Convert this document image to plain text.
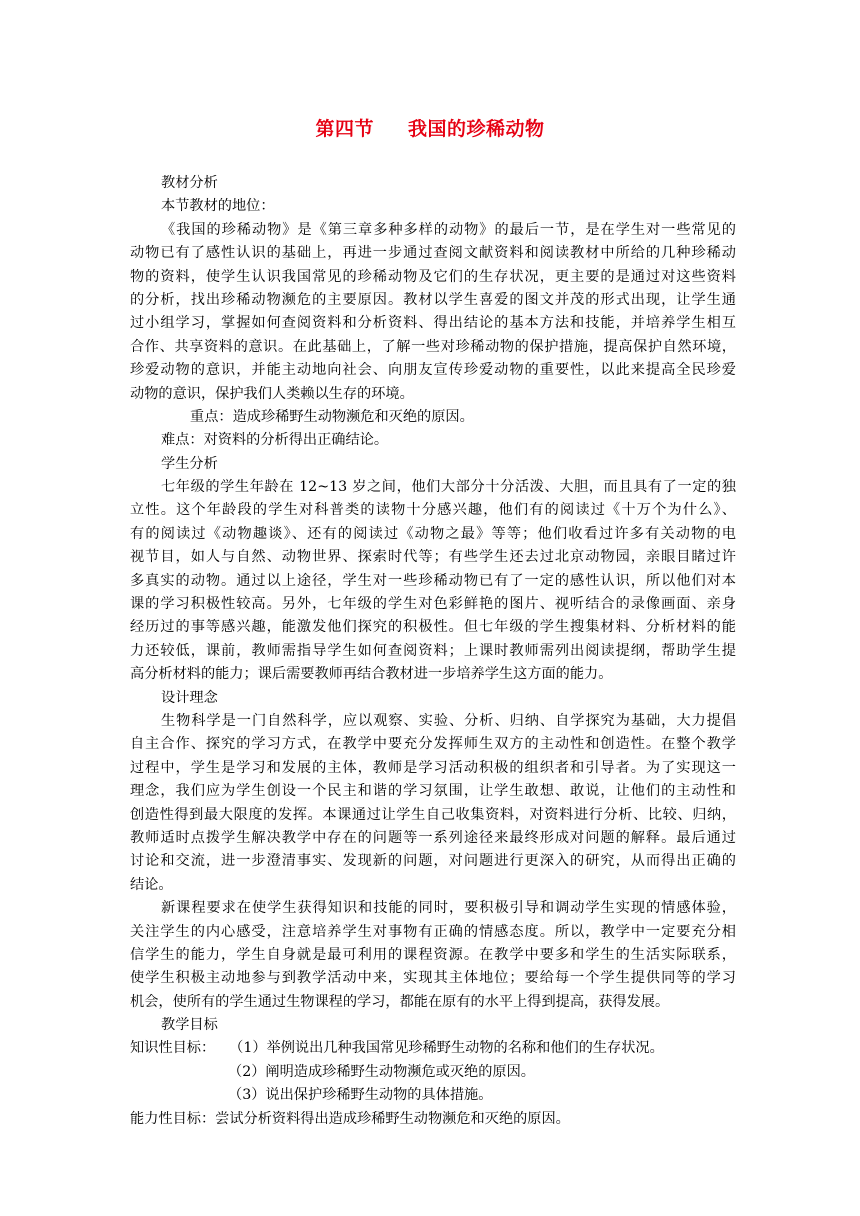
第四节 我国的珍稀动物
教材分析
本节教材的地位：
《我国的珍稀动物》是《第三章多种多样的动物》的最后一节，是在学生对一些常见的
动物已有了感性认识的基础上，再进一步通过查阅文献资料和阅读教材中所给的几种珍稀动
物的资料，使学生认识我国常见的珍稀动物及它们的生存状况，更主要的是通过对这些资料
的分析，找出珍稀动物濒危的主要原因。教材以学生喜爱的图文并茂的形式出现，让学生通
过小组学习，掌握如何查阅资料和分析资料、得出结论的基本方法和技能，并培养学生相互
合作、共享资料的意识。在此基础上，了解一些对珍稀动物的保护措施，提高保护自然环境，
珍爱动物的意识，并能主动地向社会、向朋友宣传珍爱动物的重要性，以此来提高全民珍爱
动物的意识，保护我们人类赖以生存的环境。
重点：造成珍稀野生动物濒危和灭绝的原因。
难点：对资料的分析得出正确结论。
学生分析
七年级的学生年龄在 12~13 岁之间，他们大部分十分活泼、大胆，而且具有了一定的独
立性。这个年龄段的学生对科普类的读物十分感兴趣，他们有的阅读过《十万个为什么》、
有的阅读过《动物趣谈》、还有的阅读过《动物之最》等等；他们收看过许多有关动物的电
视节目，如人与自然、动物世界、探索时代等；有些学生还去过北京动物园，亲眼目睹过许
多真实的动物。通过以上途径，学生对一些珍稀动物已有了一定的感性认识，所以他们对本
课的学习积极性较高。另外，七年级的学生对色彩鲜艳的图片、视听结合的录像画面、亲身
经历过的事等感兴趣，能激发他们探究的积极性。但七年级的学生搜集材料、分析材料的能
力还较低，课前，教师需指导学生如何查阅资料；上课时教师需列出阅读提纲，帮助学生提
高分析材料的能力；课后需要教师再结合教材进一步培养学生这方面的能力。
设计理念
生物科学是一门自然科学，应以观察、实验、分析、归纳、自学探究为基础，大力提倡
自主合作、探究的学习方式，在教学中要充分发挥师生双方的主动性和创造性。在整个教学
过程中，学生是学习和发展的主体，教师是学习活动积极的组织者和引导者。为了实现这一
理念，我们应为学生创设一个民主和谐的学习氛围，让学生敢想、敢说，让他们的主动性和
创造性得到最大限度的发挥。本课通过让学生自己收集资料，对资料进行分析、比较、归纳，
教师适时点拨学生解决教学中存在的问题等一系列途径来最终形成对问题的解释。最后通过
讨论和交流，进一步澄清事实、发现新的问题，对问题进行更深入的研究，从而得出正确的
结论。
新课程要求在使学生获得知识和技能的同时，要积极引导和调动学生实现的情感体验，
关注学生的内心感受，注意培养学生对事物有正确的情感态度。所以，教学中一定要充分相
信学生的能力，学生自身就是最可利用的课程资源。在教学中要多和学生的生活实际联系，
使学生积极主动地参与到教学活动中来，实现其主体地位；要给每一个学生提供同等的学习
机会，使所有的学生通过生物课程的学习，都能在原有的水平上得到提高，获得发展。
教学目标
知识性目标： （1）举例说出几种我国常见珍稀野生动物的名称和他们的生存状况。
（2）阐明造成珍稀野生动物濒危或灭绝的原因。
（3）说出保护珍稀野生动物的具体措施。
能力性目标：尝试分析资料得出造成珍稀野生动物濒危和灭绝的原因。
